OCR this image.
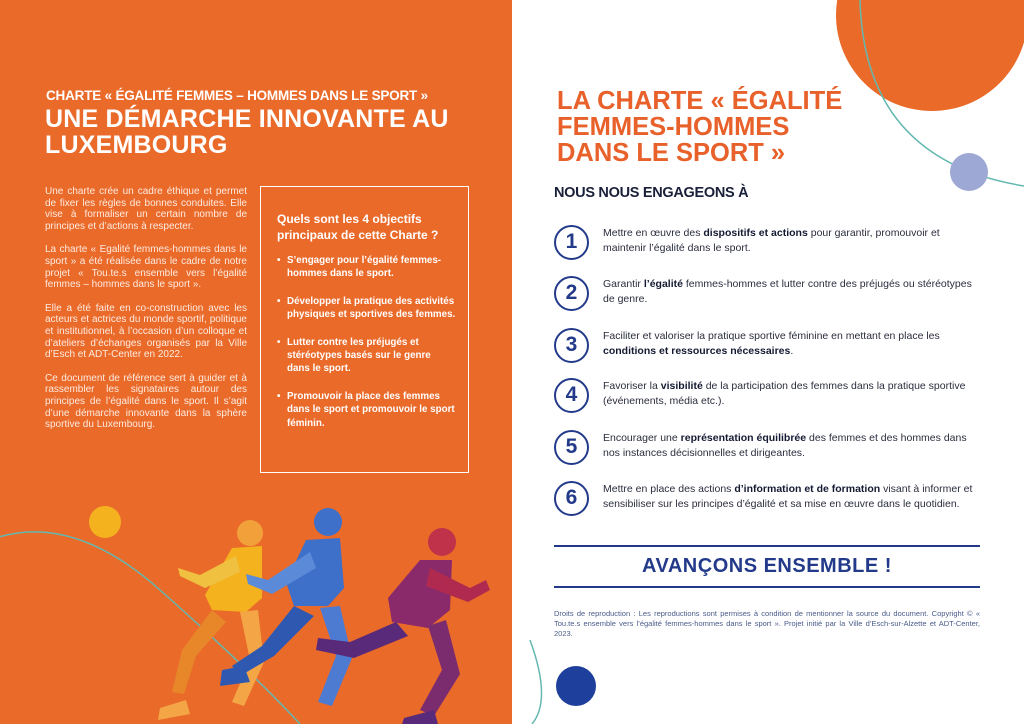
CHARTE « ÉGALITÉ FEMMES – HOMMES DANS LE SPORT »
UNE DÉMARCHE INNOVANTE AU LUXEMBOURG

Une charte crée un cadre éthique et permet de fixer les règles de bonnes conduites. Elle vise à formaliser un certain nombre de principes et d’actions à respecter.

La charte « Egalité femmes-hommes dans le sport » a été réalisée dans le cadre de notre projet « Tou.te.s ensemble vers l’égalité femmes – hommes dans le sport ».

Elle a été faite en co-construction avec les acteurs et actrices du monde sportif, politique et institutionnel, à l’occasion d’un colloque et d’ateliers d’échanges organisés par la Ville d’Esch et ADT-Center en 2022.

Ce document de référence sert à guider et à rassembler les signataires autour des principes de l’égalité dans le sport. Il s’agit d’une démarche innovante dans la sphère sportive du Luxembourg.

Quels sont les 4 objectifs principaux de cette Charte ?
• S’engager pour l’égalité femmes- hommes dans le sport.
• Développer la pratique des activités physiques et sportives des femmes.
• Lutter contre les préjugés et stéréotypes basés sur le genre dans le sport.
• Promouvoir la place des femmes dans le sport et promouvoir le sport féminin.
LA CHARTE « ÉGALITÉ FEMMES-HOMMES DANS LE SPORT »
NOUS NOUS ENGAGEONS À
1	Mettre en œuvre des dispositifs et actions pour garantir, promouvoir et maintenir l’égalité dans le sport.
2	Garantir l’égalité femmes-hommes et lutter contre des préjugés ou stéréotypes de genre.
3	Faciliter et valoriser la pratique sportive féminine en mettant en place les conditions et ressources nécessaires.
4	Favoriser la visibilité de la participation des femmes dans la pratique sportive (événements, média etc.).
5	Encourager une représentation équilibrée des femmes et des hommes dans nos instances décisionnelles et dirigeantes.
6	Mettre en place des actions d’information et de formation visant à informer et sensibiliser sur les principes d’égalité et sa mise en œuvre dans le quotidien.
AVANÇONS ENSEMBLE !
Droits de reproduction : Les reproductions sont permises à condition de mentionner la source du document. Copyright © « Tou.te.s ensemble vers l’égalité femmes-hommes dans le sport ». Projet initié par la Ville d’Esch-sur-Alzette et ADT-Center, 2023.
